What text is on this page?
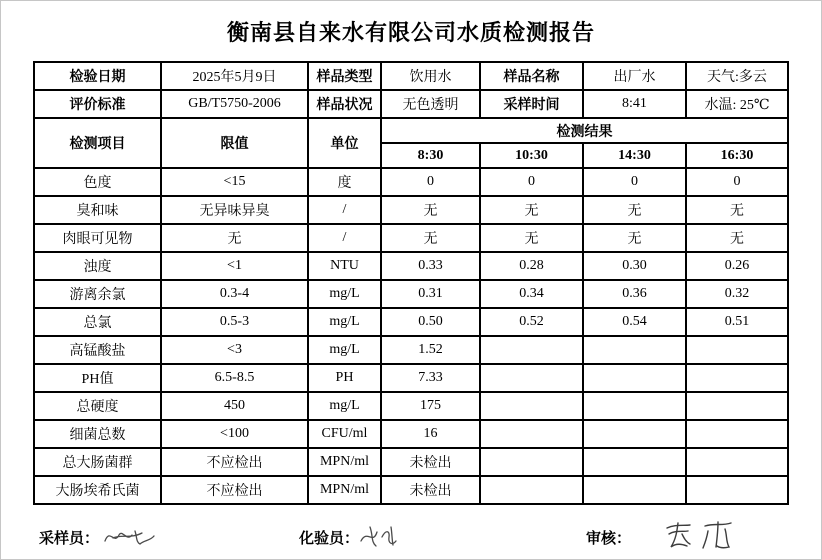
衡南县自来水有限公司水质检测报告
检验日期	2025年5月9日	样品类型	饮用水	样品名称	出厂水	天气:多云
评价标准	GB/T5750-2006	样品状况	无色透明	采样时间	8:41	水温: 25℃
检测项目	限值	单位	检测结果			
			8:30	10:30	14:30	16:30
色度	<15	度	0	0	0	0
臭和味	无异味异臭	/	无	无	无	无
肉眼可见物	无	/	无	无	无	无
浊度	<1	NTU	0.33	0.28	0.30	0.26
游离余氯	0.3-4	mg/L	0.31	0.34	0.36	0.32
总氯	0.5-3	mg/L	0.50	0.52	0.54	0.51
高锰酸盐	<3	mg/L	1.52			
PH值	6.5-8.5	PH	7.33			
总硬度	450	mg/L	175			
细菌总数	<100	CFU/ml	16			
总大肠菌群	不应检出	MPN/ml	未检出			
大肠埃希氏菌	不应检出	MPN/ml	未检出			
采样员：	化验员：	审核：
